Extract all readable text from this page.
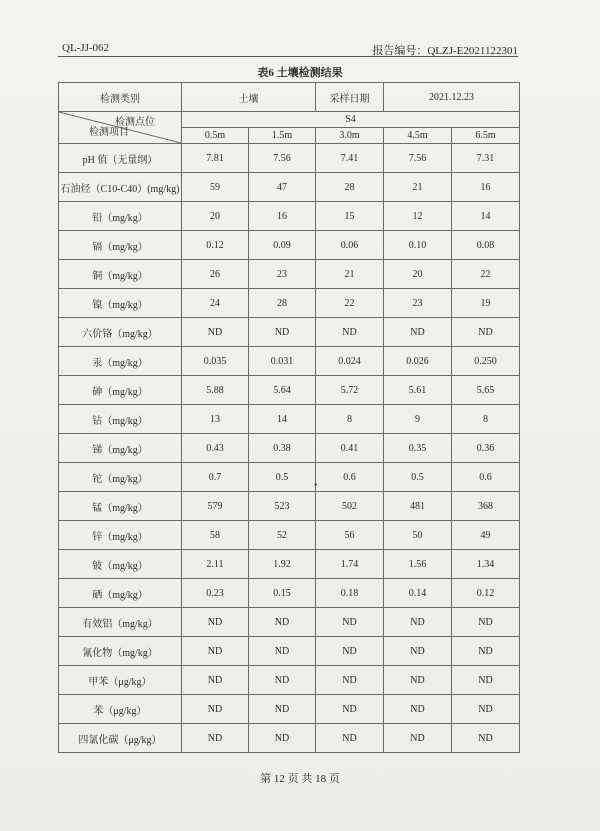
QL-JJ-062	报告编号：QLZJ-E2021122301
表6 土壤检测结果
检测类别	土壤		采样日期	2021.12.23	

检测点位
检测项目	S4				
	0.5m	1.5m	3.0m	4.5m	6.5m
pH 值（无量纲）	7.81	7.56	7.41	7.56	7.31
石油烃（C10-C40）(mg/kg)	59	47	28	21	16
铅（mg/kg）	20	16	15	12	14
镉（mg/kg）	0.12	0.09	0.06	0.10	0.08
铜（mg/kg）	26	23	21	20	22
镍（mg/kg）	24	28	22	23	19
六价铬（mg/kg）	ND	ND	ND	ND	ND
汞（mg/kg）	0.035	0.031	0.024	0.026	0.250
砷（mg/kg）	5.88	5.64	5.72	5.61	5.65
钴（mg/kg）	13	14	8	9	8
锑（mg/kg）	0.43	0.38	0.41	0.35	0.36
铊（mg/kg）	0.7	0.5	0.6	0.5	0.6
锰（mg/kg）	579	523	502	481	368
锌（mg/kg）	58	52	56	50	49
铍（mg/kg）	2.11	1.92	1.74	1.56	1.34
硒（mg/kg）	0.23	0.15	0.18	0.14	0.12
有效铝（mg/kg）	ND	ND	ND	ND	ND
氰化物（mg/kg）	ND	ND	ND	ND	ND
甲苯（μg/kg）	ND	ND	ND	ND	ND
苯（μg/kg）	ND	ND	ND	ND	ND
四氯化碳（μg/kg）	ND	ND	ND	ND	ND
•
第 12 页 共 18 页
